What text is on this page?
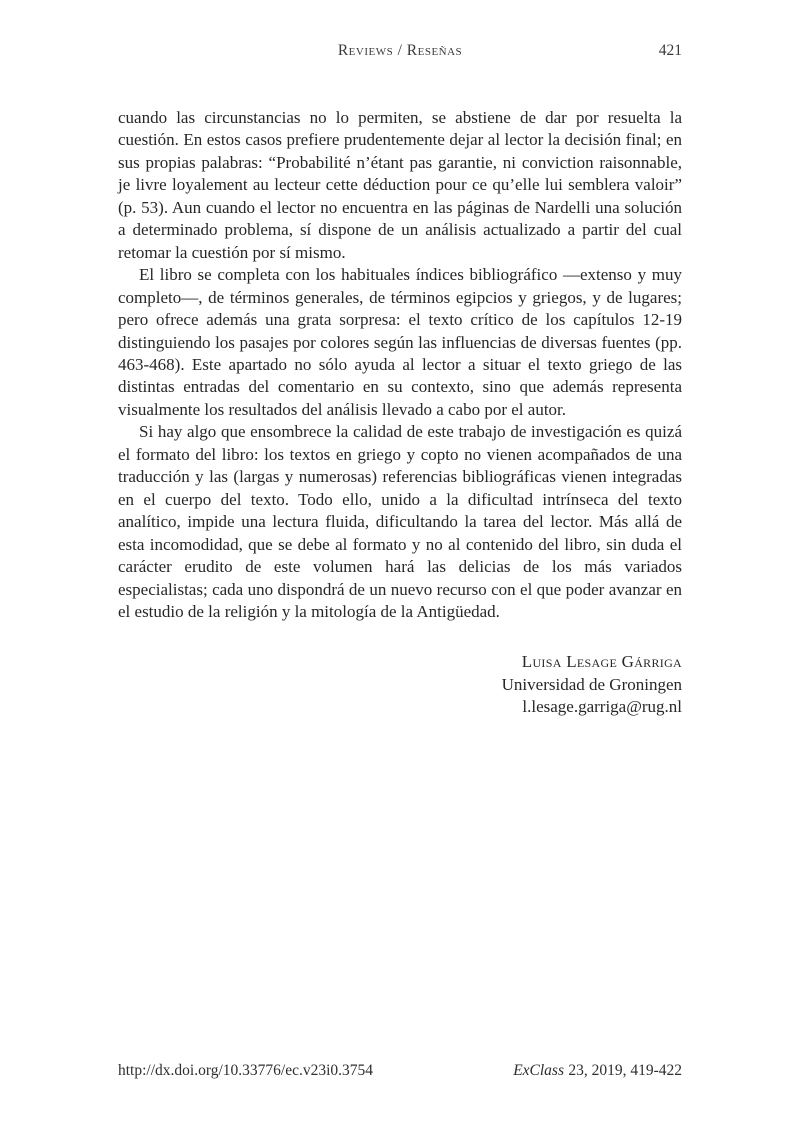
Reviews / Reseñas	421

cuando las circunstancias no lo permiten, se abstiene de dar por resuelta la cuestión. En estos casos prefiere prudentemente dejar al lector la decisión final; en sus propias palabras: “Probabilité n’étant pas garantie, ni conviction raisonnable, je livre loyalement au lecteur cette déduction pour ce qu’elle lui semblera valoir” (p. 53). Aun cuando el lector no encuentra en las páginas de Nardelli una solución a determinado problema, sí dispone de un análisis actualizado a partir del cual retomar la cuestión por sí mismo.

El libro se completa con los habituales índices bibliográfico —extenso y muy completo—, de términos generales, de términos egipcios y griegos, y de lugares; pero ofrece además una grata sorpresa: el texto crítico de los capítulos 12-19 distinguiendo los pasajes por colores según las influencias de diversas fuentes (pp. 463-468). Este apartado no sólo ayuda al lector a situar el texto griego de las distintas entradas del comentario en su contexto, sino que además representa visualmente los resultados del análisis llevado a cabo por el autor.

Si hay algo que ensombrece la calidad de este trabajo de investigación es quizá el formato del libro: los textos en griego y copto no vienen acompañados de una traducción y las (largas y numerosas) referencias bibliográficas vienen integradas en el cuerpo del texto. Todo ello, unido a la dificultad intrínseca del texto analítico, impide una lectura fluida, dificultando la tarea del lector. Más allá de esta incomodidad, que se debe al formato y no al contenido del libro, sin duda el carácter erudito de este volumen hará las delicias de los más variados especialistas; cada uno dispondrá de un nuevo recurso con el que poder avanzar en el estudio de la religión y la mitología de la Antigüedad.

Luisa Lesage Gárriga
Universidad de Groningen
l.lesage.garriga@rug.nl
http://dx.doi.org/10.33776/ec.v23i0.3754	ExClass 23, 2019, 419-422
